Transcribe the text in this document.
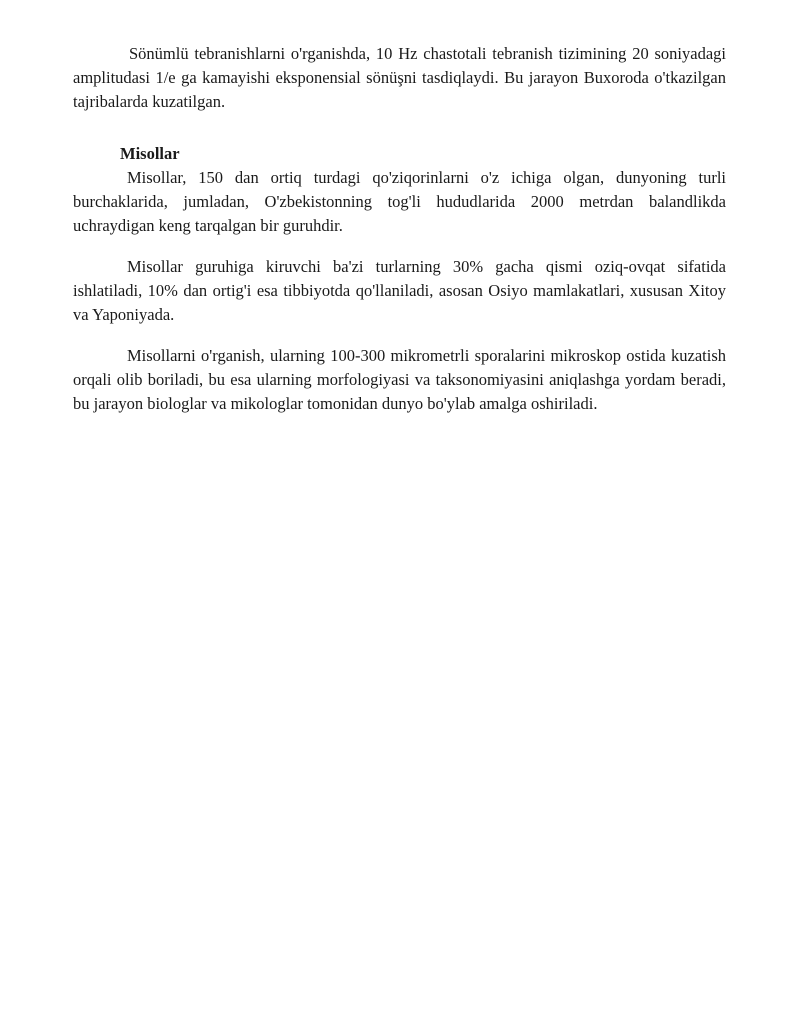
Sönümlü tebranishlarni o'rganishda, 10 Hz chastotali tebranish tizimining 20 soniyadagi amplitudasi 1/e ga kamayishi eksponensial sönüşni tasdiqlaydi. Bu jarayon Buxoroda o'tkazilgan tajribalarda kuzatilgan.

Misollar

Misollar, 150 dan ortiq turdagi qo'ziqorinlarni o'z ichiga olgan, dunyoning turli burchaklarida, jumladan, O'zbekistonning tog'li hududlarida 2000 metrdan balandlikda uchraydigan keng tarqalgan bir guruhdir.

Misollar guruhiga kiruvchi ba'zi turlarning 30% gacha qismi oziq-ovqat sifatida ishlatiladi, 10% dan ortig'i esa tibbiyotda qo'llaniladi, asosan Osiyo mamlakatlari, xususan Xitoy va Yaponiyada.

Misollarni o'rganish, ularning 100-300 mikrometrli sporalarini mikroskop ostida kuzatish orqali olib boriladi, bu esa ularning morfologiyasi va taksonomiyasini aniqlashga yordam beradi, bu jarayon biologlar va mikologlar tomonidan dunyo bo'ylab amalga oshiriladi.
